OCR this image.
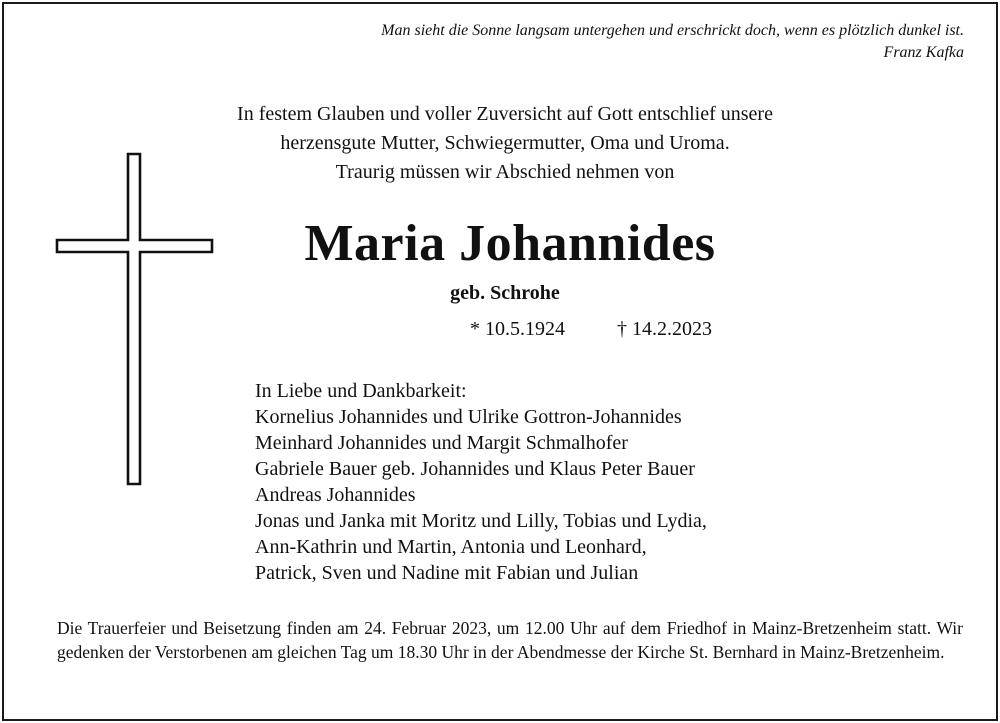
Man sieht die Sonne langsam untergehen und erschrickt doch, wenn es plötzlich dunkel ist.
Franz Kafka
In festem Glauben und voller Zuversicht auf Gott entschlief unsere
herzensgute Mutter, Schwiegermutter, Oma und Uroma.
Traurig müssen wir Abschied nehmen von
Maria Johannides
geb. Schrohe
* 10.5.1924	† 14.2.2023
In Liebe und Dankbarkeit:
Kornelius Johannides und Ulrike Gottron-Johannides
Meinhard Johannides und Margit Schmalhofer
Gabriele Bauer geb. Johannides und Klaus Peter Bauer
Andreas Johannides
Jonas und Janka mit Moritz und Lilly, Tobias und Lydia,
Ann-Kathrin und Martin, Antonia und Leonhard,
Patrick, Sven und Nadine mit Fabian und Julian
Die Trauerfeier und Beisetzung finden am 24. Februar 2023, um 12.00 Uhr auf dem Friedhof in Mainz-Bretzenheim statt. Wir gedenken der Verstorbenen am gleichen Tag um 18.30 Uhr in der Abendmesse der Kirche St. Bernhard in Mainz-Bretzenheim.
